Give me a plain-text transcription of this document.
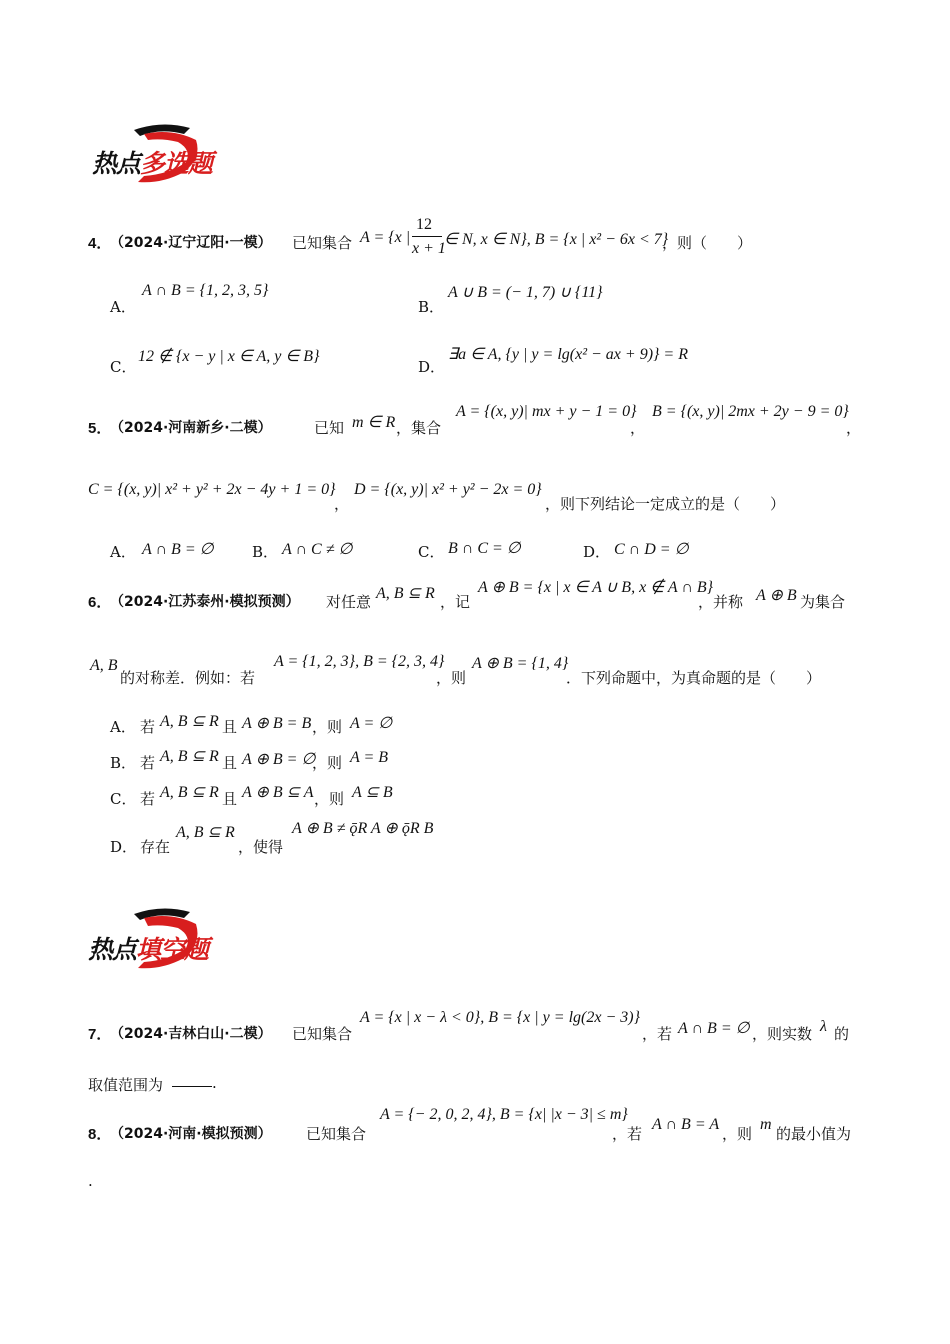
热点多选题
4．
（2024·辽宁辽阳·一模） 已知集合 A = {x |
12
x + 1
∈ N, x ∈ N}, B = {x | x² − 6x < 7}
，则（　　）
A．
A ∩ B = {1, 2, 3, 5}
B．
A ∪ B = (− 1, 7) ∪ {11}
C．
12 ∉ {x − y | x ∈ A, y ∈ B}
D．
∃a ∈ A, {y | y = lg(x² − ax + 9)} = R
5．
（2024·河南新乡·二模）	已知 m ∈ R ，集合
A = {(x, y)| mx + y − 1 = 0}
，
B = {(x, y)| 2mx + 2y − 9 = 0}
，
C = {(x, y)| x² + y² + 2x − 4y + 1 = 0}
，
D = {(x, y)| x² + y² − 2x = 0}
，则下列结论一定成立的是（　　）
A． A ∩ B = ∅	B． A ∩ C ≠ ∅	C． B ∩ C = ∅	D． C ∩ D = ∅
6．
（2024·江苏泰州·模拟预测） 对任意 A, B ⊆ R ，记
A ⊕ B = {x | x ∈ A ∪ B, x ∉ A ∩ B}
，并称 A ⊕ B 为集合
A, B
的对称差．例如：若
A = {1, 2, 3}, B = {2, 3, 4}
，则
A ⊕ B = {1, 4}
．下列命题中，为真命题的是（　　）
A． 若 A, B ⊆ R 且 A ⊕ B = B ，则 A = ∅
B． 若 A, B ⊆ R 且 A ⊕ B = ∅
，则 A = B
C． 若 A, B ⊆ R 且 A ⊕ B ⊆ A ，则 A ⊆ B
D． 存在
A, B ⊆ R
，使得
A ⊕ B ≠ ǭR A ⊕ ǭR B
热点填空题
7．
（2024·吉林白山·二模） 已知集合
A = {x | x − λ < 0}, B = {x | y = lg(2x − 3)}
，若 A ∩ B = ∅ ，则实数 λ 的
取值范围为	.
8．
（2024·河南·模拟预测） 已知集合
A = {− 2, 0, 2, 4}, B = {x| |x − 3| ≤ m}
，若
A ∩ B = A
，则
m
的最小值为
.
